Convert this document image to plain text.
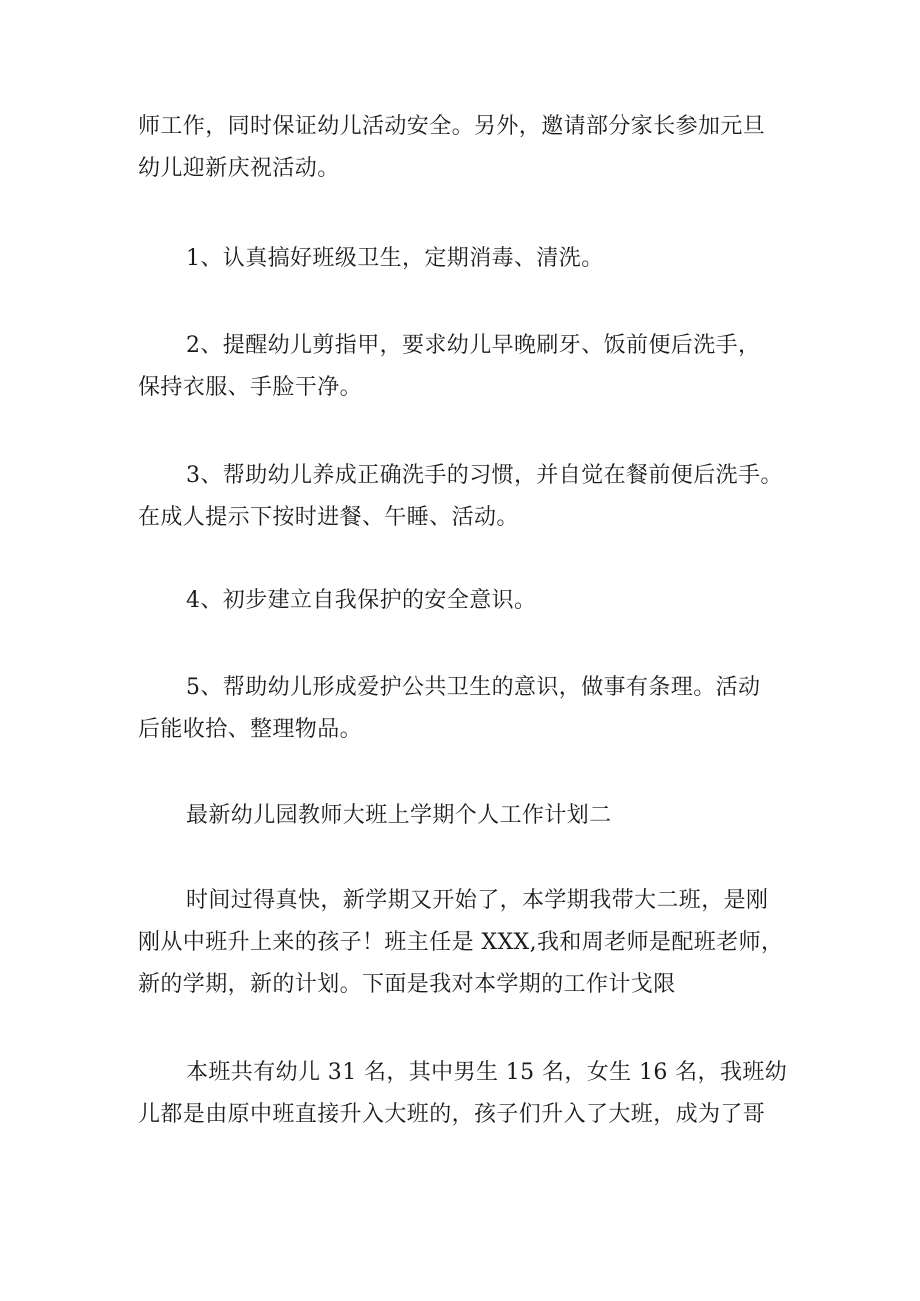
师工作，同时保证幼儿活动安全。另外，邀请部分家长参加元旦
幼儿迎新庆祝活动。

1、认真搞好班级卫生，定期消毒、清洗。

2、提醒幼儿剪指甲，要求幼儿早晚刷牙、饭前便后洗手，
保持衣服、手脸干净。

3、帮助幼儿养成正确洗手的习惯，并自觉在餐前便后洗手。
在成人提示下按时进餐、午睡、活动。

4、初步建立自我保护的安全意识。

5、帮助幼儿形成爱护公共卫生的意识，做事有条理。活动
后能收拾、整理物品。

最新幼儿园教师大班上学期个人工作计划二

时间过得真快，新学期又开始了，本学期我带大二班，是刚
刚从中班升上来的孩子！班主任是 XXX,我和周老师是配班老师，
新的学期，新的计划。下面是我对本学期的工作计戈限

本班共有幼儿 31 名，其中男生 15 名，女生 16 名，我班幼
儿都是由原中班直接升入大班的，孩子们升入了大班，成为了哥
